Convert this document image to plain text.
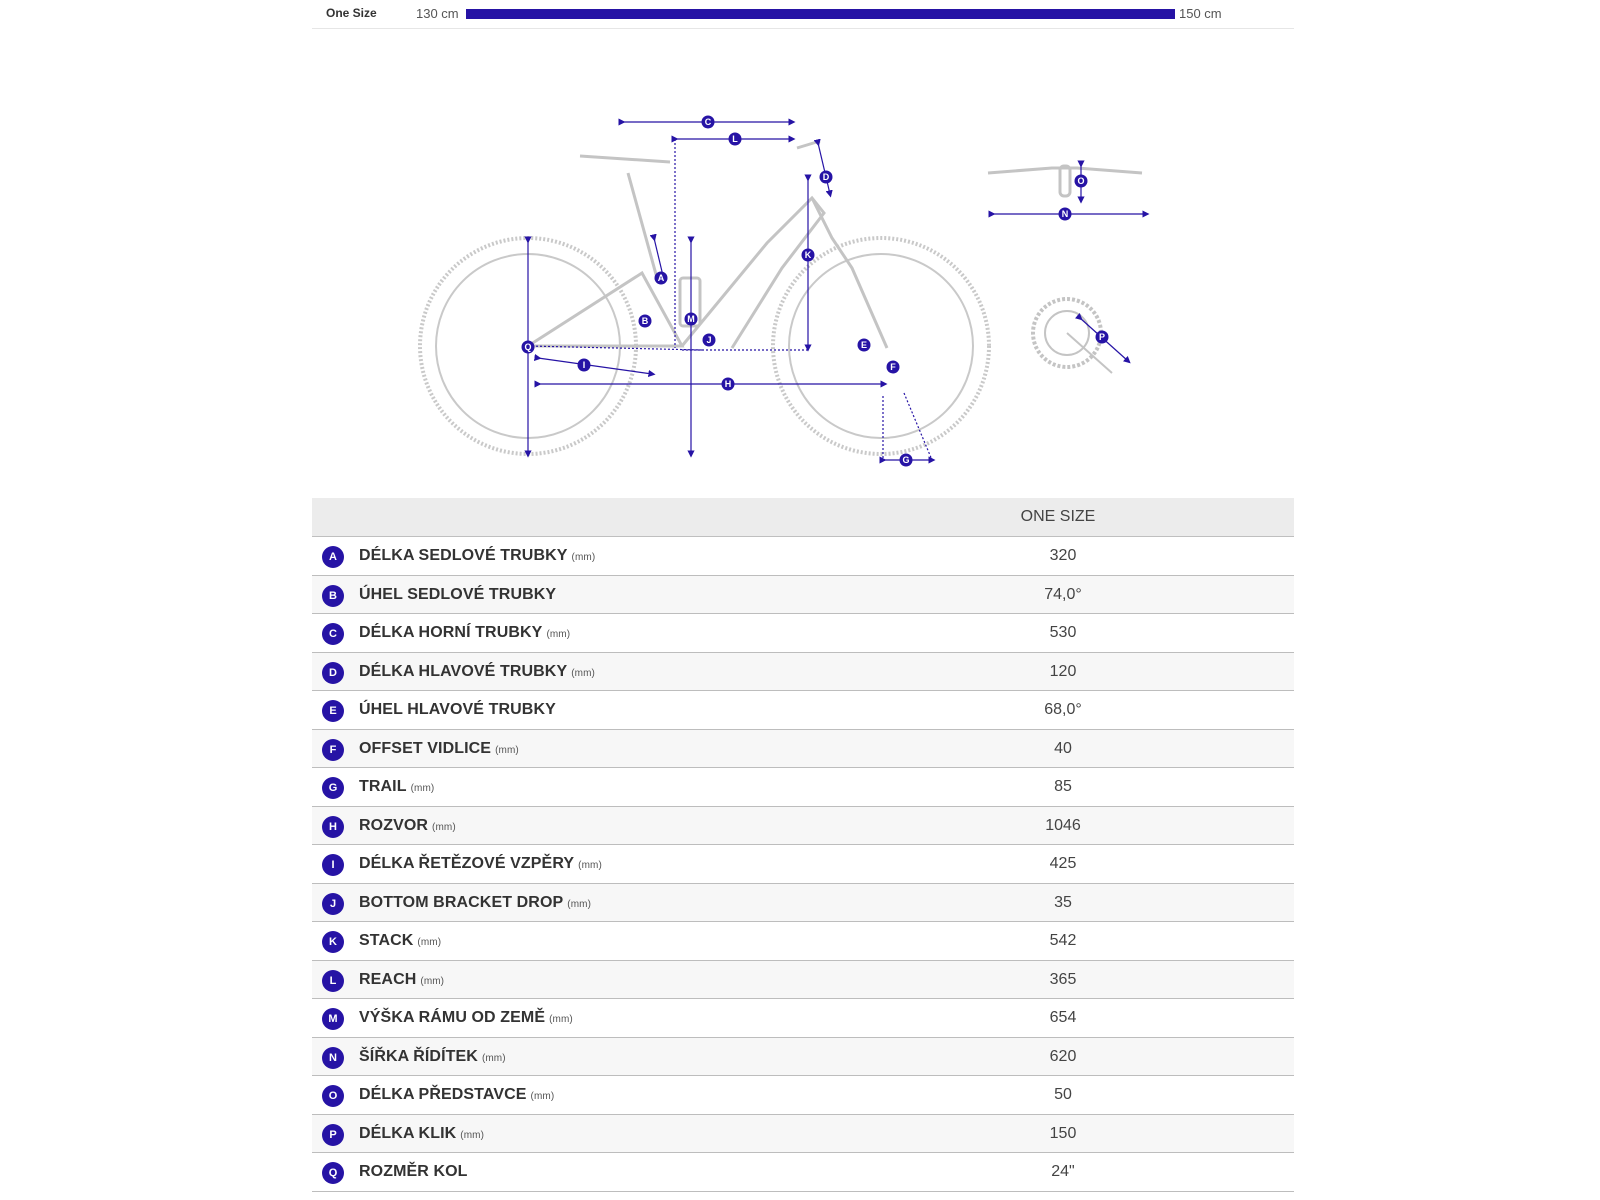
One Size	130 cm	150 cm
A
B
C
D
E
F
G
H
I
J
K
L
M
N
O
P
Q
ONE SIZE
A	DÉLKA SEDLOVÉ TRUBKY (mm)	320
B	ÚHEL SEDLOVÉ TRUBKY	74,0°
C	DÉLKA HORNÍ TRUBKY (mm)	530
D	DÉLKA HLAVOVÉ TRUBKY (mm)	120
E	ÚHEL HLAVOVÉ TRUBKY	68,0°
F	OFFSET VIDLICE (mm)	40
G	TRAIL (mm)	85
H	ROZVOR (mm)	1046
I	DÉLKA ŘETĚZOVÉ VZPĚRY (mm)	425
J	BOTTOM BRACKET DROP (mm)	35
K	STACK (mm)	542
L	REACH (mm)	365
M	VÝŠKA RÁMU OD ZEMĚ (mm)	654
N	ŠÍŘKA ŘÍDÍTEK (mm)	620
O	DÉLKA PŘEDSTAVCE (mm)	50
P	DÉLKA KLIK (mm)	150
Q	ROZMĚR KOL	24"
